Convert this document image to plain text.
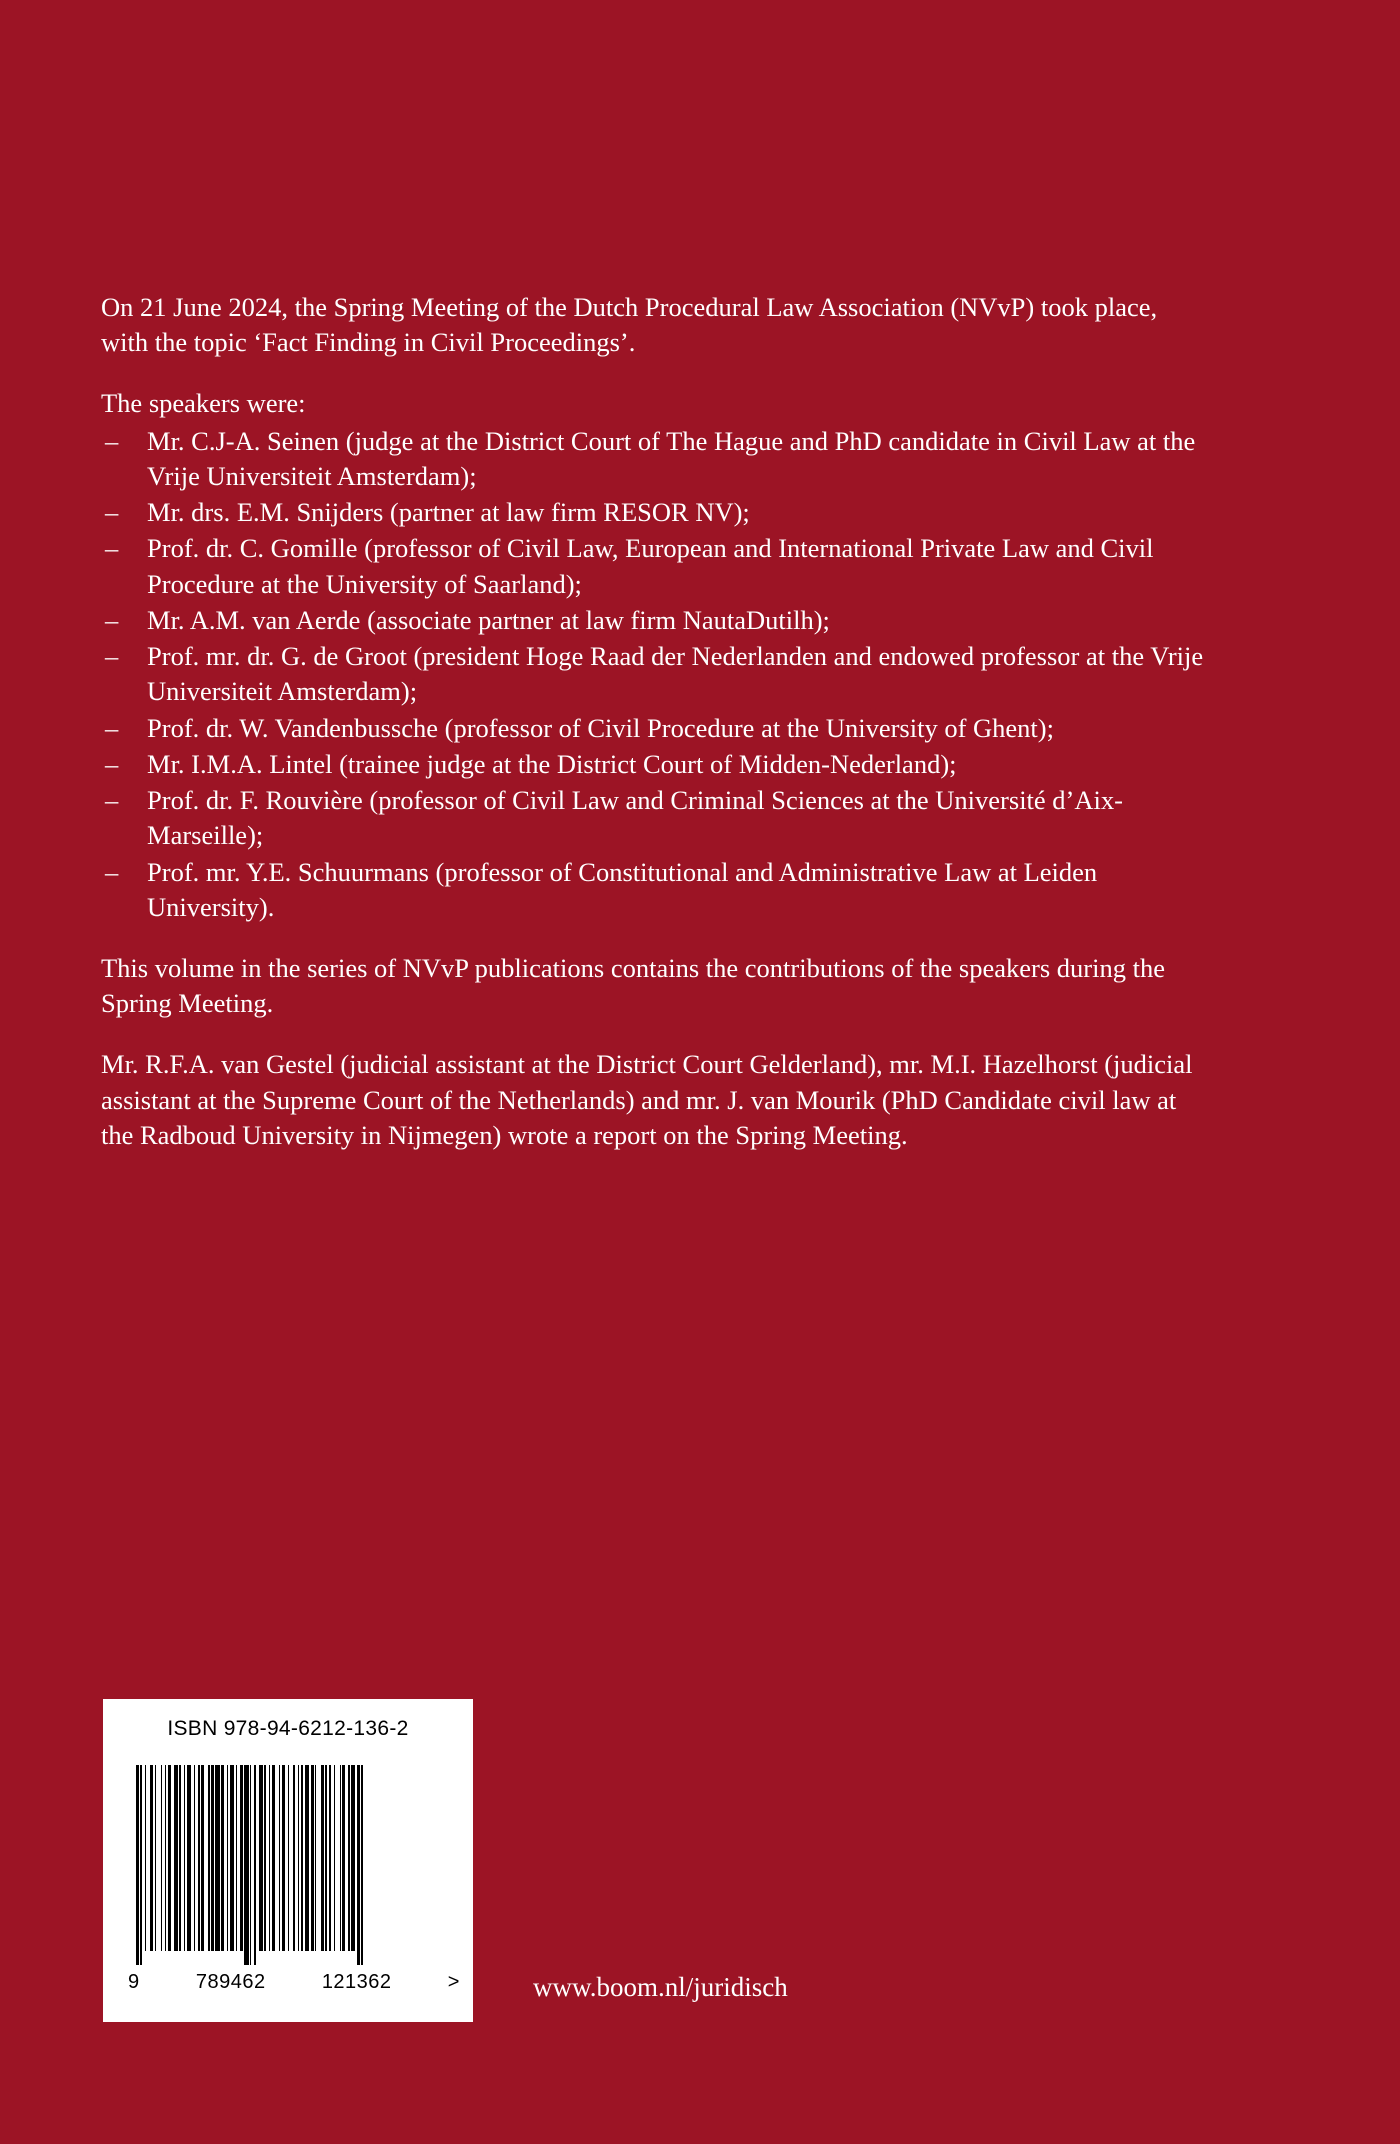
On 21 June 2024, the Spring Meeting of the Dutch Procedural Law Association (NVvP) took place, with the topic ‘Fact Finding in Civil Proceedings’.

The speakers were:

– Mr. C.J-A. Seinen (judge at the District Court of The Hague and PhD candidate in Civil Law at the Vrije Universiteit Amsterdam);
– Mr. drs. E.M. Snijders (partner at law firm RESOR NV);
– Prof. dr. C. Gomille (professor of Civil Law, European and International Private Law and Civil Procedure at the University of Saarland);
– Mr. A.M. van Aerde (associate partner at law firm NautaDutilh);
– Prof. mr. dr. G. de Groot (president Hoge Raad der Nederlanden and endowed professor at the Vrije Universiteit Amsterdam);
– Prof. dr. W. Vandenbussche (professor of Civil Procedure at the University of Ghent);
– Mr. I.M.A. Lintel (trainee judge at the District Court of Midden-Nederland);
– Prof. dr. F. Rouvière (professor of Civil Law and Criminal Sciences at the Université d’Aix-Marseille);
– Prof. mr. Y.E. Schuurmans (professor of Constitutional and Administrative Law at Leiden University).

This volume in the series of NVvP publications contains the contributions of the speakers during the Spring Meeting.

Mr. R.F.A. van Gestel (judicial assistant at the District Court Gelderland), mr. M.I. Hazelhorst (judicial assistant at the Supreme Court of the Netherlands) and mr. J. van Mourik (PhD Candidate civil law at the Radboud University in Nijmegen) wrote a report on the Spring Meeting.

ISBN 978-94-6212-136-2
9	789462	121362	>	www.boom.nl/juridisch
